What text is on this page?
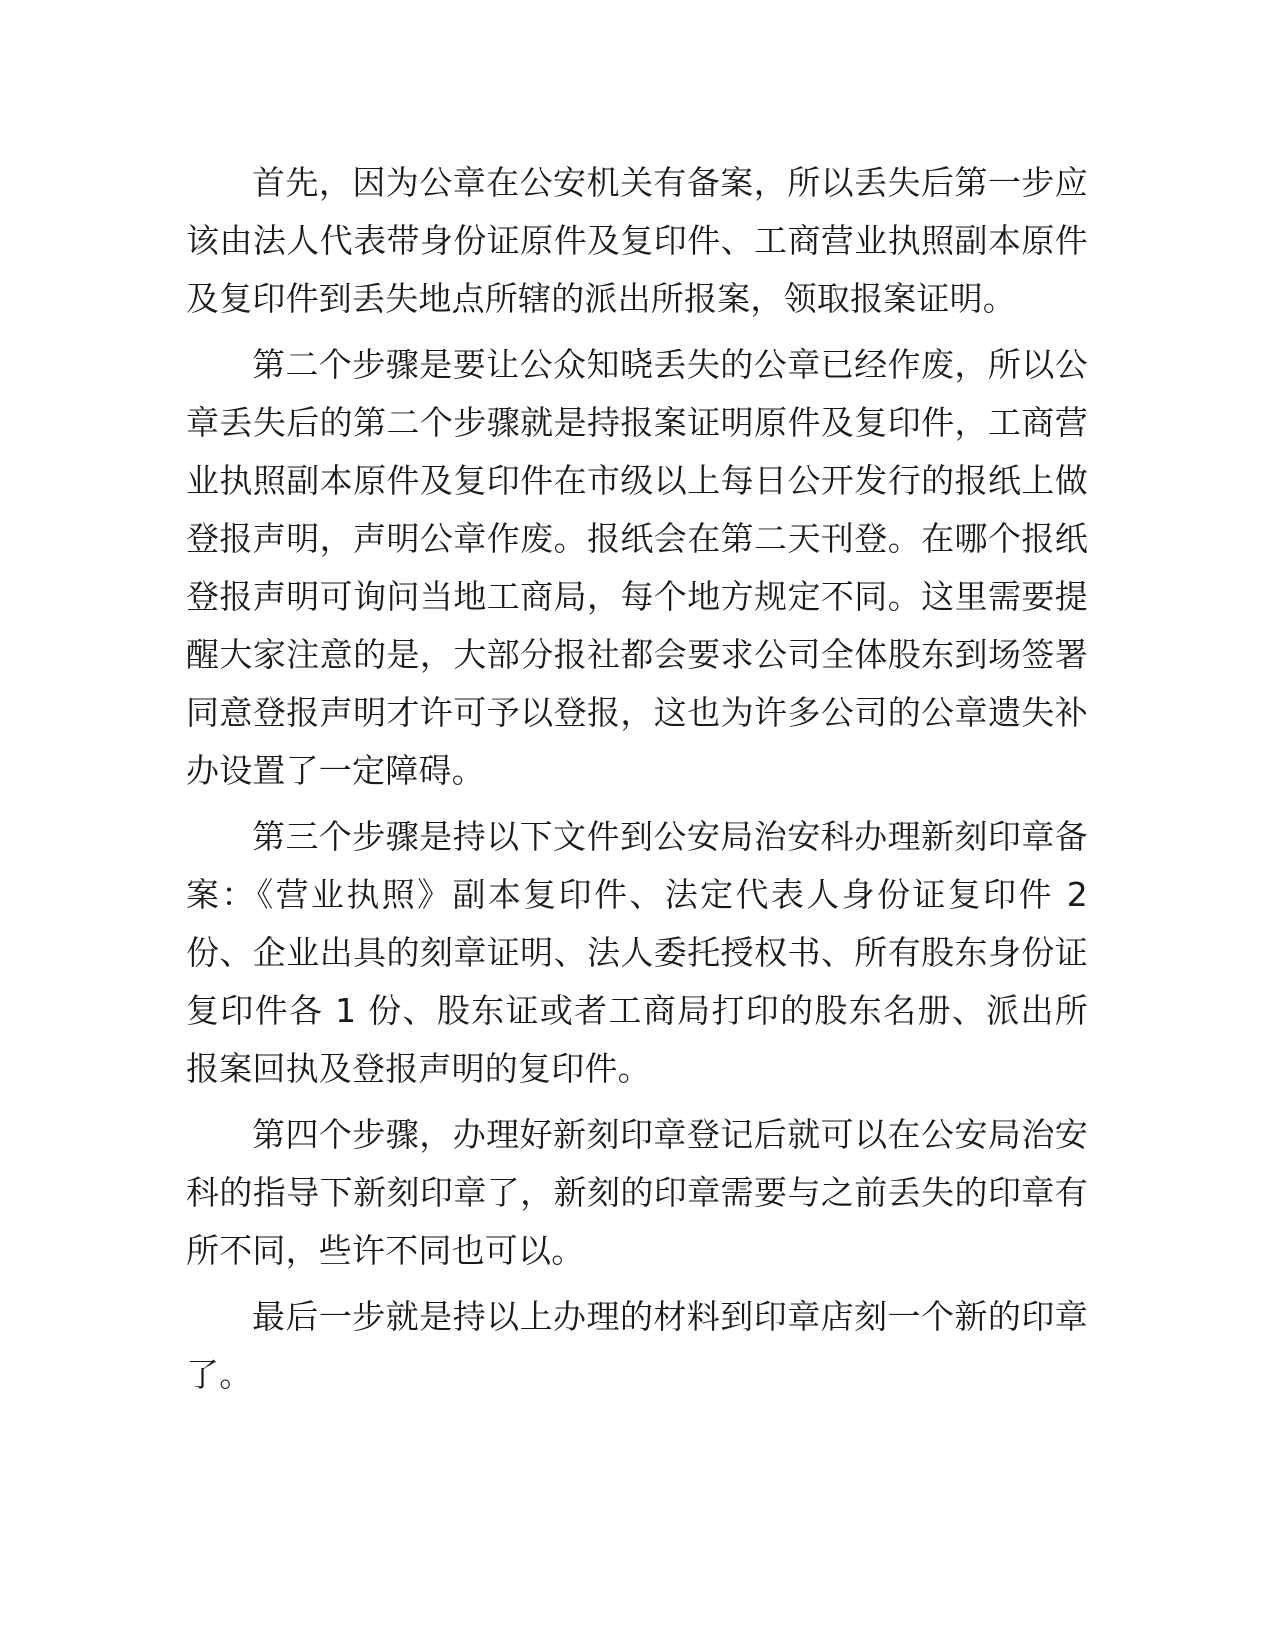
首先，因为公章在公安机关有备案，所以丢失后第一步应该由法人代表带身份证原件及复印件、工商营业执照副本原件及复印件到丢失地点所辖的派出所报案，领取报案证明。

第二个步骤是要让公众知晓丢失的公章已经作废，所以公章丢失后的第二个步骤就是持报案证明原件及复印件，工商营业执照副本原件及复印件在市级以上每日公开发行的报纸上做登报声明，声明公章作废。报纸会在第二天刊登。在哪个报纸登报声明可询问当地工商局，每个地方规定不同。这里需要提醒大家注意的是，大部分报社都会要求公司全体股东到场签署同意登报声明才许可予以登报，这也为许多公司的公章遗失补办设置了一定障碍。

第三个步骤是持以下文件到公安局治安科办理新刻印章备案：《营业执照》副本复印件、法定代表人身份证复印件 2 份、企业出具的刻章证明、法人委托授权书、所有股东身份证复印件各 1 份、股东证或者工商局打印的股东名册、派出所报案回执及登报声明的复印件。

第四个步骤，办理好新刻印章登记后就可以在公安局治安科的指导下新刻印章了，新刻的印章需要与之前丢失的印章有所不同，些许不同也可以。

最后一步就是持以上办理的材料到印章店刻一个新的印章了。
